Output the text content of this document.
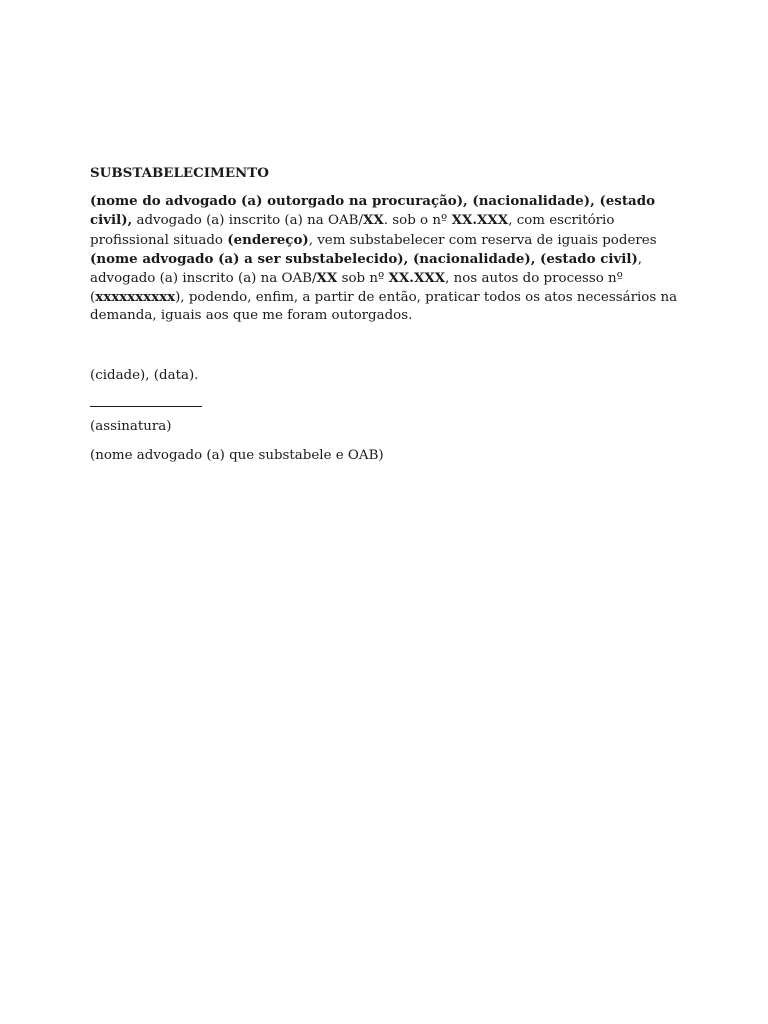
SUBSTABELECIMENTO

(nome do advogado (a) outorgado na procuração), (nacionalidade), (estado civil), advogado (a) inscrito (a) na OAB/XX. sob o nº XX.XXX, com escritório profissional situado (endereço), vem substabelecer com reserva de iguais poderes (nome advogado (a) a ser substabelecido), (nacionalidade), (estado civil), advogado (a) inscrito (a) na OAB/XX sob nº XX.XXX, nos autos do processo nº (xxxxxxxxxx), podendo, enfim, a partir de então, praticar todos os atos necessários na demanda, iguais aos que me foram outorgados.

(cidade), (data).

(assinatura)
(nome advogado (a) que substabele e OAB)
